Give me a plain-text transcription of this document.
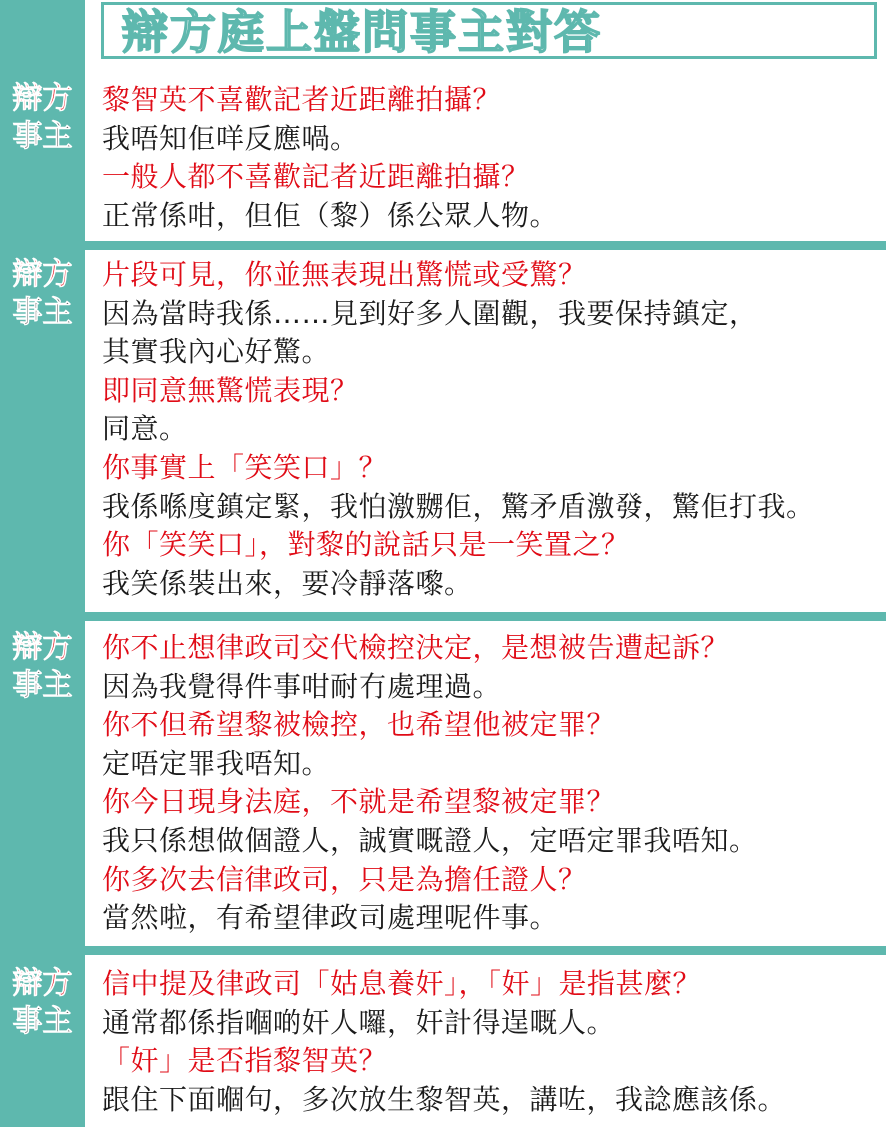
辯方庭上盤問事主對答
辯方
事主
黎智英不喜歡記者近距離拍攝？
我唔知佢咩反應喎。
一般人都不喜歡記者近距離拍攝？
正常係咁，但佢（黎）係公眾人物。
辯方
事主
片段可見，你並無表現出驚慌或受驚？
因為當時我係……見到好多人圍觀，我要保持鎮定，
其實我內心好驚。
即同意無驚慌表現？
同意。
你事實上「笑笑口」？
我係喺度鎮定緊，我怕激嬲佢，驚矛盾激發，驚佢打我。
你「笑笑口」，對黎的說話只是一笑置之？
我笑係裝出來，要冷靜落嚟。
辯方
事主
你不止想律政司交代檢控決定，是想被告遭起訴？
因為我覺得件事咁耐冇處理過。
你不但希望黎被檢控，也希望他被定罪？
定唔定罪我唔知。
你今日現身法庭，不就是希望黎被定罪？
我只係想做個證人，誠實嘅證人，定唔定罪我唔知。
你多次去信律政司，只是為擔任證人？
當然啦，有希望律政司處理呢件事。
辯方
事主
信中提及律政司「姑息養奸」，「奸」是指甚麼？
通常都係指嗰啲奸人囉，奸計得逞嘅人。
「奸」是否指黎智英？
跟住下面嗰句，多次放生黎智英，講咗，我諗應該係。
